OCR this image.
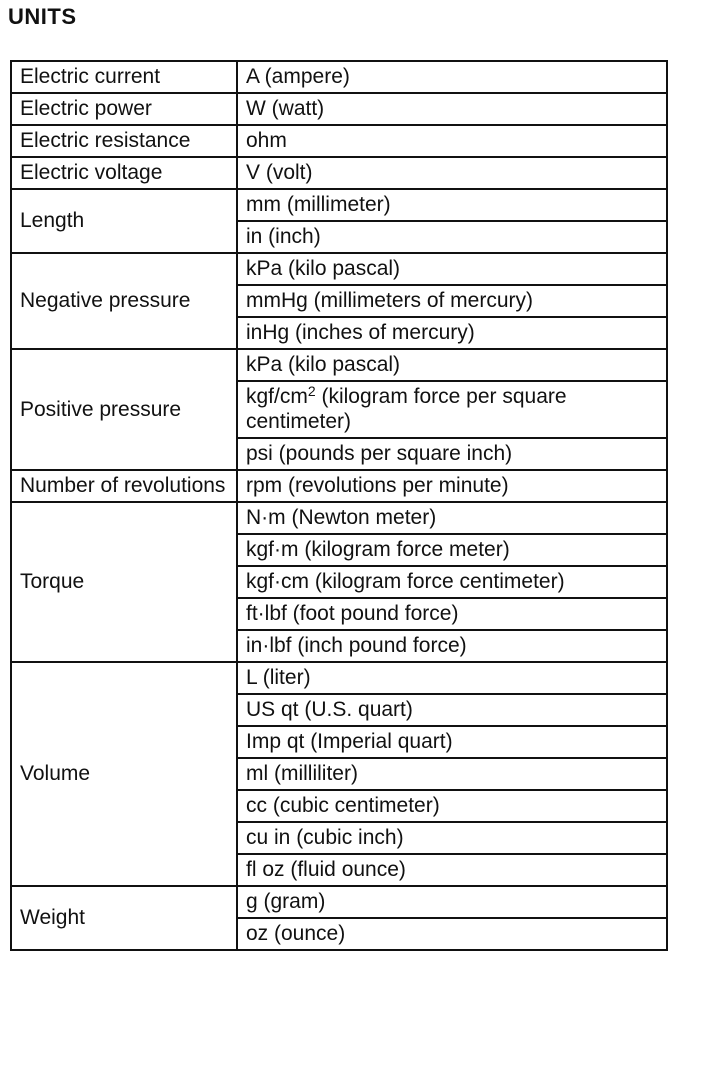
UNITS
Electric current	A (ampere)
Electric power	W (watt)
Electric resistance	ohm
Electric voltage	V (volt)
Length	mm (millimeter)
	in (inch)
Negative pressure	kPa (kilo pascal)
	mmHg (millimeters of mercury)
	inHg (inches of mercury)
Positive pressure	kPa (kilo pascal)
	kgf/$cm^2$ (kilogram force per square centimeter)
	psi (pounds per square inch)
Number of revolutions	rpm (revolutions per minute)
Torque	N·m (Newton meter)
	kgf·m (kilogram force meter)
	kgf·cm (kilogram force centimeter)
	ft·lbf (foot pound force)
	in·lbf (inch pound force)
Volume	L (liter)
	US qt (U.S. quart)
	Imp qt (Imperial quart)
	ml (milliliter)
	cc (cubic centimeter)
	cu in (cubic inch)
	fl oz (fluid ounce)
Weight	g (gram)
	oz (ounce)
